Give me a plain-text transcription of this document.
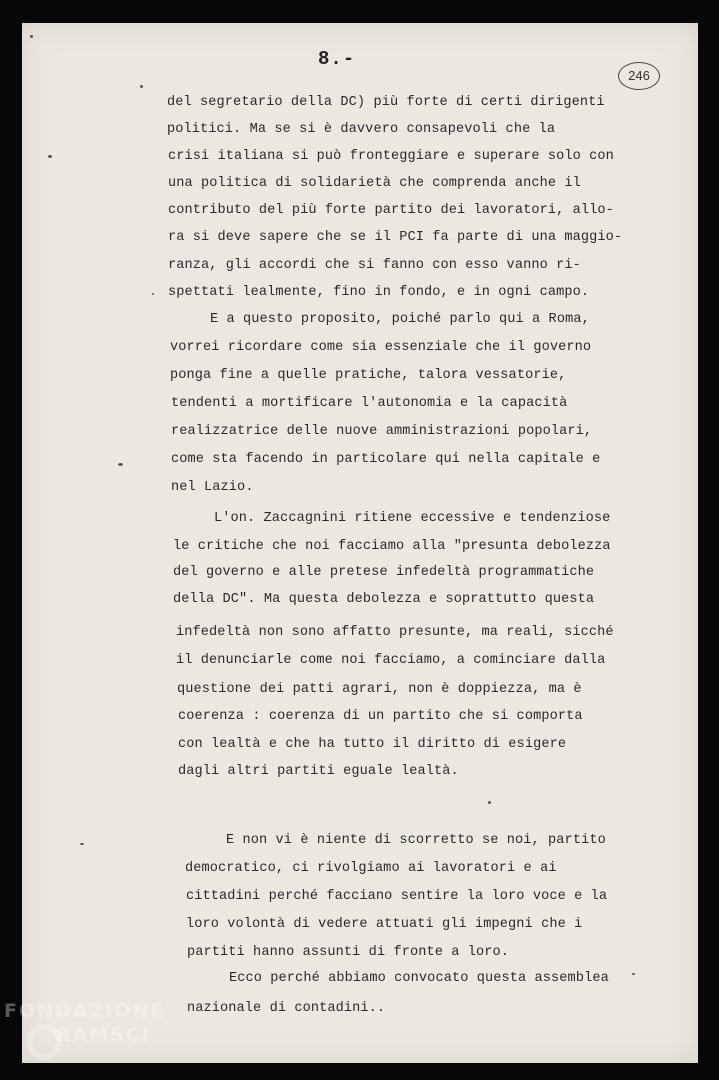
8.-
246
del segretario della DC) più forte di certi dirigenti
politici. Ma se si è davvero consapevoli che la
crisi italiana si può fronteggiare e superare solo con
una politica di solidarietà che comprenda anche il
contributo del più forte partito dei lavoratori, allo-
ra si deve sapere che se il PCI fa parte di una maggio-
ranza, gli accordi che si fanno con esso vanno ri-
spettati lealmente, fino in fondo, e in ogni campo.
E a questo proposito, poiché parlo qui a Roma,
vorrei ricordare come sia essenziale che il governo
ponga fine a quelle pratiche, talora vessatorie,
tendenti a mortificare l'autonomia e la capacità
realizzatrice delle nuove amministrazioni popolari,
come sta facendo in particolare qui nella capitale e
nel Lazio.
L'on. Zaccagnini ritiene eccessive e tendenziose
le critiche che noi facciamo alla "presunta debolezza
del governo e alle pretese infedeltà programmatiche
della DC". Ma questa debolezza e soprattutto questa
infedeltà non sono affatto presunte, ma reali, sicché
il denunciarle come noi facciamo, a cominciare dalla
questione dei patti agrari, non è doppiezza, ma è
coerenza : coerenza di un partito che si comporta
con lealtà e che ha tutto il diritto di esigere
dagli altri partiti eguale lealtà.
E non vi è niente di scorretto se noi, partito
democratico, ci rivolgiamo ai lavoratori e ai
cittadini perché facciano sentire la loro voce e la
loro volontà di vedere attuati gli impegni che i
partiti hanno assunti di fronte a loro.
Ecco perché abbiamo convocato questa assemblea
nazionale di contadini..
FONDAZIONE
RAMSCI
